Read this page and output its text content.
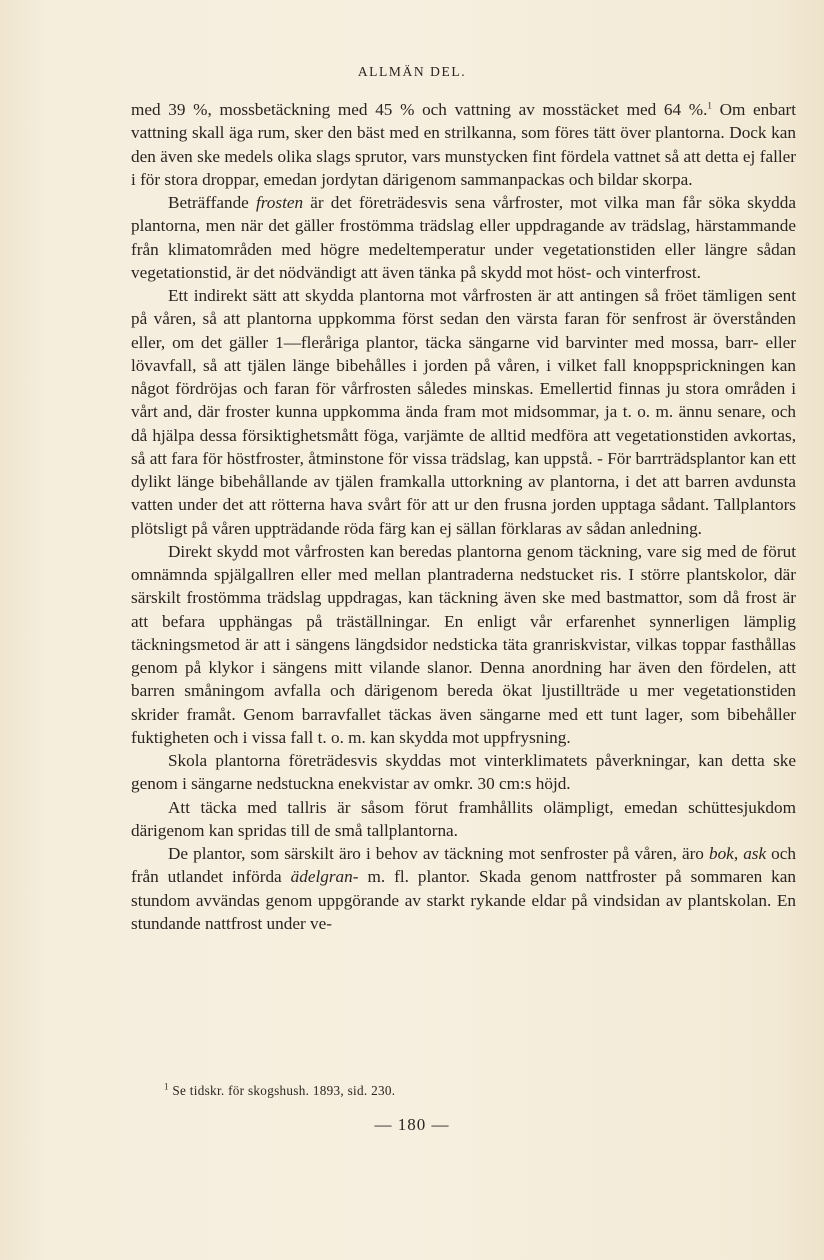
ALLMÄN DEL.

med 39 %, mossbetäckning med 45 % och vattning av mosstäcket med 64 %.$^1$ Om enbart vattning skall äga rum, sker den bäst med en strilkanna, som föres tätt över plantorna. Dock kan den även ske medels olika slags sprutor, vars munstycken fint fördela vattnet så att detta ej faller i för stora droppar, emedan jordytan därigenom sammanpackas och bildar skorpa.

Beträffande frosten är det företrädesvis sena vårfroster, mot vilka man får söka skydda plantorna, men när det gäller frostömma trädslag eller uppdragande av trädslag, härstammande från klimatområden med högre medeltemperatur under vegetationstiden eller längre sådan vegetationstid, är det nödvändigt att även tänka på skydd mot höst- och vinterfrost.

Ett indirekt sätt att skydda plantorna mot vårfrosten är att antingen så fröet tämligen sent på våren, så att plantorna uppkomma först sedan den värsta faran för senfrost är överstånden eller, om det gäller 1—fleråriga plantor, täcka sängarne vid barvinter med mossa, barr- eller lövavfall, så att tjälen länge bibehålles i jorden på våren, i vilket fall knoppsprickningen kan något fördröjas och faran för vårfrosten således minskas. Emellertid finnas ju stora områden i vårt and, där froster kunna uppkomma ända fram mot midsommar, ja t. o. m. ännu senare, och då hjälpa dessa försiktighetsmått föga, varjämte de alltid medföra att vegetationstiden avkortas, så att fara för höstfroster, åtminstone för vissa trädslag, kan uppstå. - För barrträdsplantor kan ett dylikt länge bibehållande av tjälen framkalla uttorkning av plantorna, i det att barren avdunsta vatten under det att rötterna hava svårt för att ur den frusna jorden upptaga sådant. Tallplantors plötsligt på våren uppträdande röda färg kan ej sällan förklaras av sådan anledning.

Direkt skydd mot vårfrosten kan beredas plantorna genom täckning, vare sig med de förut omnämnda spjälgallren eller med mellan plantraderna nedstucket ris. I större plantskolor, där särskilt frostömma trädslag uppdragas, kan täckning även ske med bastmattor, som då frost är att befara upphängas på träställningar. En enligt vår erfarenhet synnerligen lämplig täckningsmetod är att i sängens längdsidor nedsticka täta granriskvistar, vilkas toppar fasthållas genom på klykor i sängens mitt vilande slanor. Denna anordning har även den fördelen, att barren småningom avfalla och därigenom bereda ökat ljustillträde u mer vegetationstiden skrider framåt. Genom barravfallet täckas även sängarne med ett tunt lager, som bibehåller fuktigheten och i vissa fall t. o. m. kan skydda mot uppfrysning.

Skola plantorna företrädesvis skyddas mot vinterklimatets påverkningar, kan detta ske genom i sängarne nedstuckna enekvistar av omkr. 30 cm:s höjd.

Att täcka med tallris är såsom förut framhållits olämpligt, emedan schüttesjukdom därigenom kan spridas till de små tallplantorna.

De plantor, som särskilt äro i behov av täckning mot senfroster på våren, äro bok, ask och från utlandet införda ädelgran- m. fl. plantor. Skada genom nattfroster på sommaren kan stundom avvändas genom uppgörande av starkt rykande eldar på vindsidan av plantskolan. En stundande nattfrost under ve-

$^1$ Se tidskr. för skogshush. 1893, sid. 230.
— 180 —
